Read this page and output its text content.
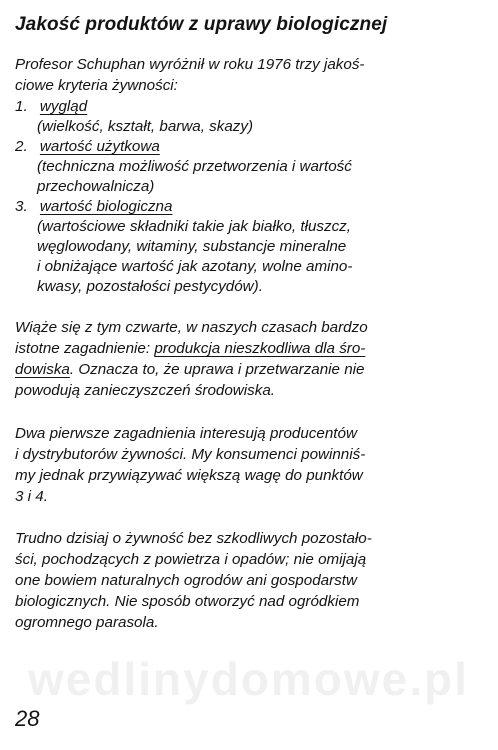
Jakość produktów z uprawy biologicznej
Profesor Schuphan wyróżnił w roku 1976 trzy jakoś-
ciowe kryteria żywności:
1. wygląd
(wielkość, kształt, barwa, skazy)
2. wartość użytkowa
(techniczna możliwość przetworzenia i wartość
przechowalnicza)
3. wartość biologiczna
(wartościowe składniki takie jak białko, tłuszcz,
węglowodany, witaminy, substancje mineralne
i obniżające wartość jak azotany, wolne amino-
kwasy, pozostałości pestycydów).
Wiąże się z tym czwarte, w naszych czasach bardzo
istotne zagadnienie: produkcja nieszkodliwa dla śro-
dowiska. Oznacza to, że uprawa i przetwarzanie nie
powodują zanieczyszczeń środowiska.
Dwa pierwsze zagadnienia interesują producentów
i dystrybutorów żywności. My konsumenci powinniś-
my jednak przywiązywać większą wagę do punktów
3 i 4.
Trudno dzisiaj o żywność bez szkodliwych pozostało-
ści, pochodzących z powietrza i opadów; nie omijają
one bowiem naturalnych ogrodów ani gospodarstw
biologicznych. Nie sposób otworzyć nad ogródkiem
ogromnego parasola.
wedlinydomowe.pl
28
